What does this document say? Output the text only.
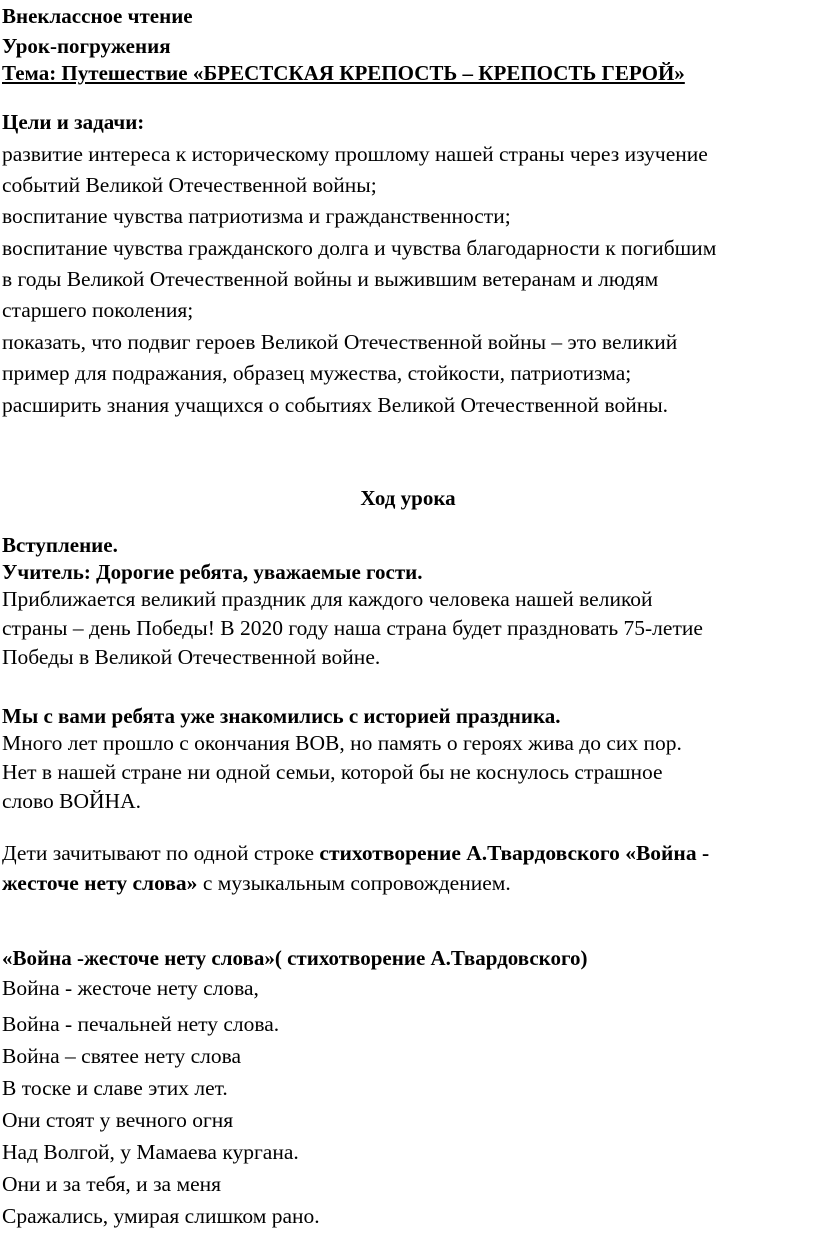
Внеклассное чтение
Урок-погружения
Тема: Путешествие «БРЕСТСКАЯ КРЕПОСТЬ – КРЕПОСТЬ ГЕРОЙ»
Цели и задачи:
развитие интереса к историческому прошлому нашей страны через изучение
событий Великой Отечественной войны;
воспитание чувства патриотизма и гражданственности;
воспитание чувства гражданского долга и чувства благодарности к погибшим
в годы Великой Отечественной войны и выжившим ветеранам и людям
старшего поколения;
показать, что подвиг героев Великой Отечественной войны – это великий
пример для подражания, образец мужества, стойкости, патриотизма;
расширить знания учащихся о событиях Великой Отечественной войны.
Ход урока
Вступление.
Учитель: Дорогие ребята, уважаемые гости.
Приближается великий праздник для каждого человека нашей великой
страны – день Победы! В 2020 году наша страна будет праздновать 75-летие
Победы в Великой Отечественной войне.
Мы с вами ребята уже знакомились с историей праздника.
Много лет прошло с окончания ВОВ, но память о героях жива до сих пор.
Нет в нашей стране ни одной семьи, которой бы не коснулось страшное
слово ВОЙНА.
Дети зачитывают по одной строке стихотворение А.Твардовского «Война -
жесточе нету слова» с музыкальным сопровождением.
«Война -жесточе нету слова»( стихотворение А.Твардовского)
Война - жесточе нету слова,
Война - печальней нету слова.
Война – святее нету слова
В тоске и славе этих лет.
Они стоят у вечного огня
Над Волгой, у Мамаева кургана.
Они и за тебя, и за меня
Сражались, умирая слишком рано.
